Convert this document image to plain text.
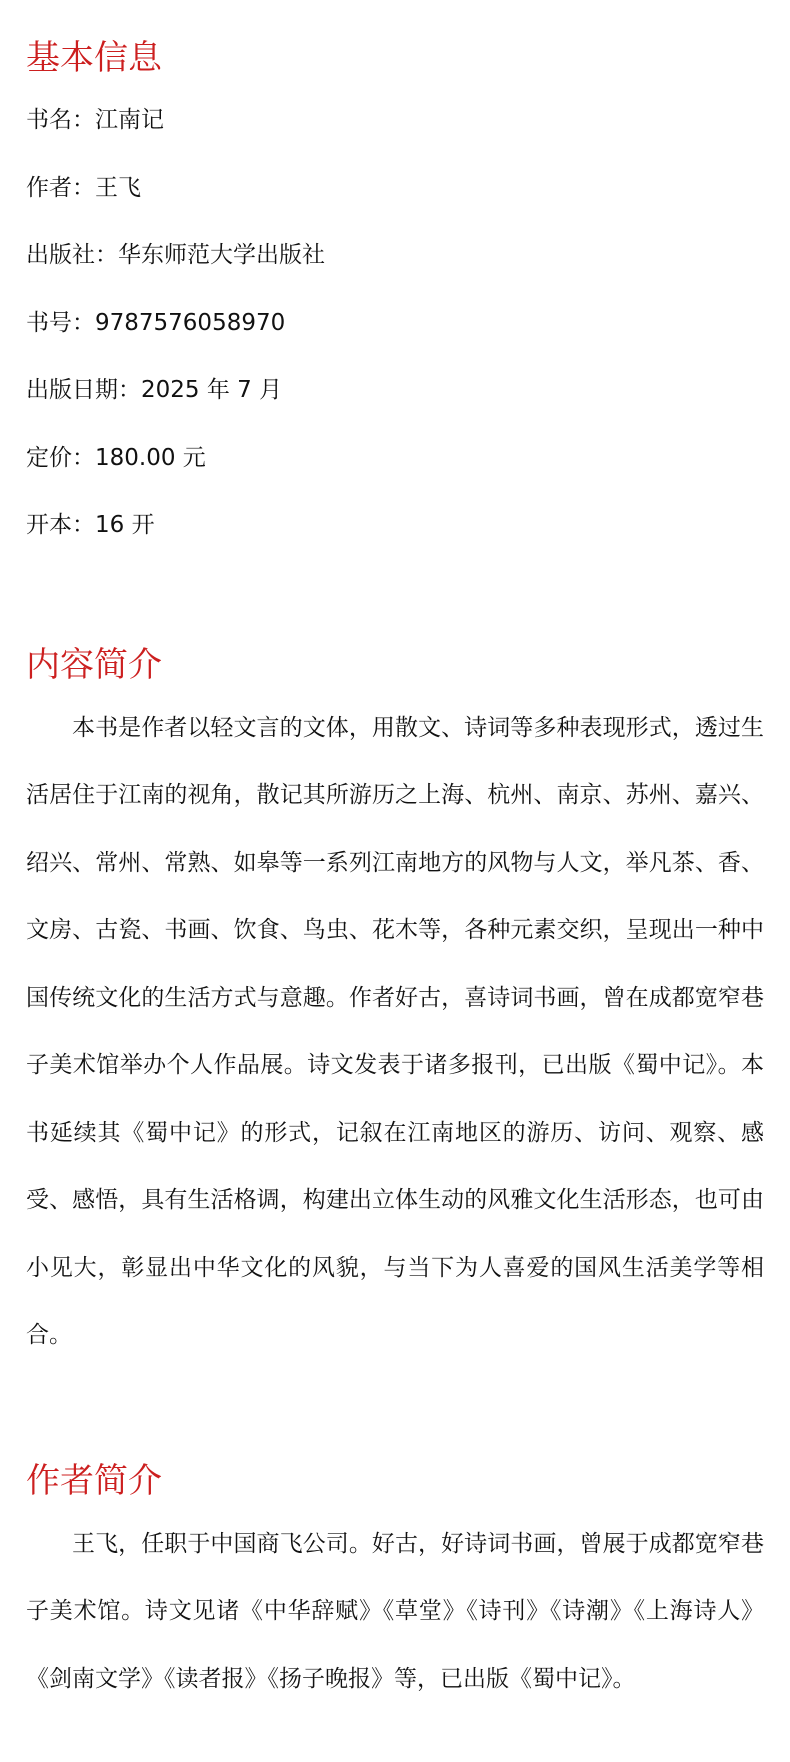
基本信息
书名：江南记
作者：王飞
出版社：华东师范大学出版社
书号：9787576058970
出版日期：2025 年 7 月
定价：180.00 元
开本：16 开
内容简介

本书是作者以轻文言的文体，用散文、诗词等多种表现形式，透过生活居住于江南的视角，散记其所游历之上海、杭州、南京、苏州、嘉兴、绍兴、常州、常熟、如皋等一系列江南地方的风物与人文，举凡茶、香、文房、古瓷、书画、饮食、鸟虫、花木等，各种元素交织，呈现出一种中国传统文化的生活方式与意趣。作者好古，喜诗词书画，曾在成都宽窄巷子美术馆举办个人作品展。诗文发表于诸多报刊，已出版《蜀中记》。本书延续其《蜀中记》的形式，记叙在江南地区的游历、访问、观察、感受、感悟，具有生活格调，构建出立体生动的风雅文化生活形态，也可由小见大，彰显出中华文化的风貌，与当下为人喜爱的国风生活美学等相合。

作者简介

王飞，任职于中国商飞公司。好古，好诗词书画，曾展于成都宽窄巷子美术馆。诗文见诸《中华辞赋》《草堂》《诗刊》《诗潮》《上海诗人》《剑南文学》《读者报》《扬子晚报》等，已出版《蜀中记》。
